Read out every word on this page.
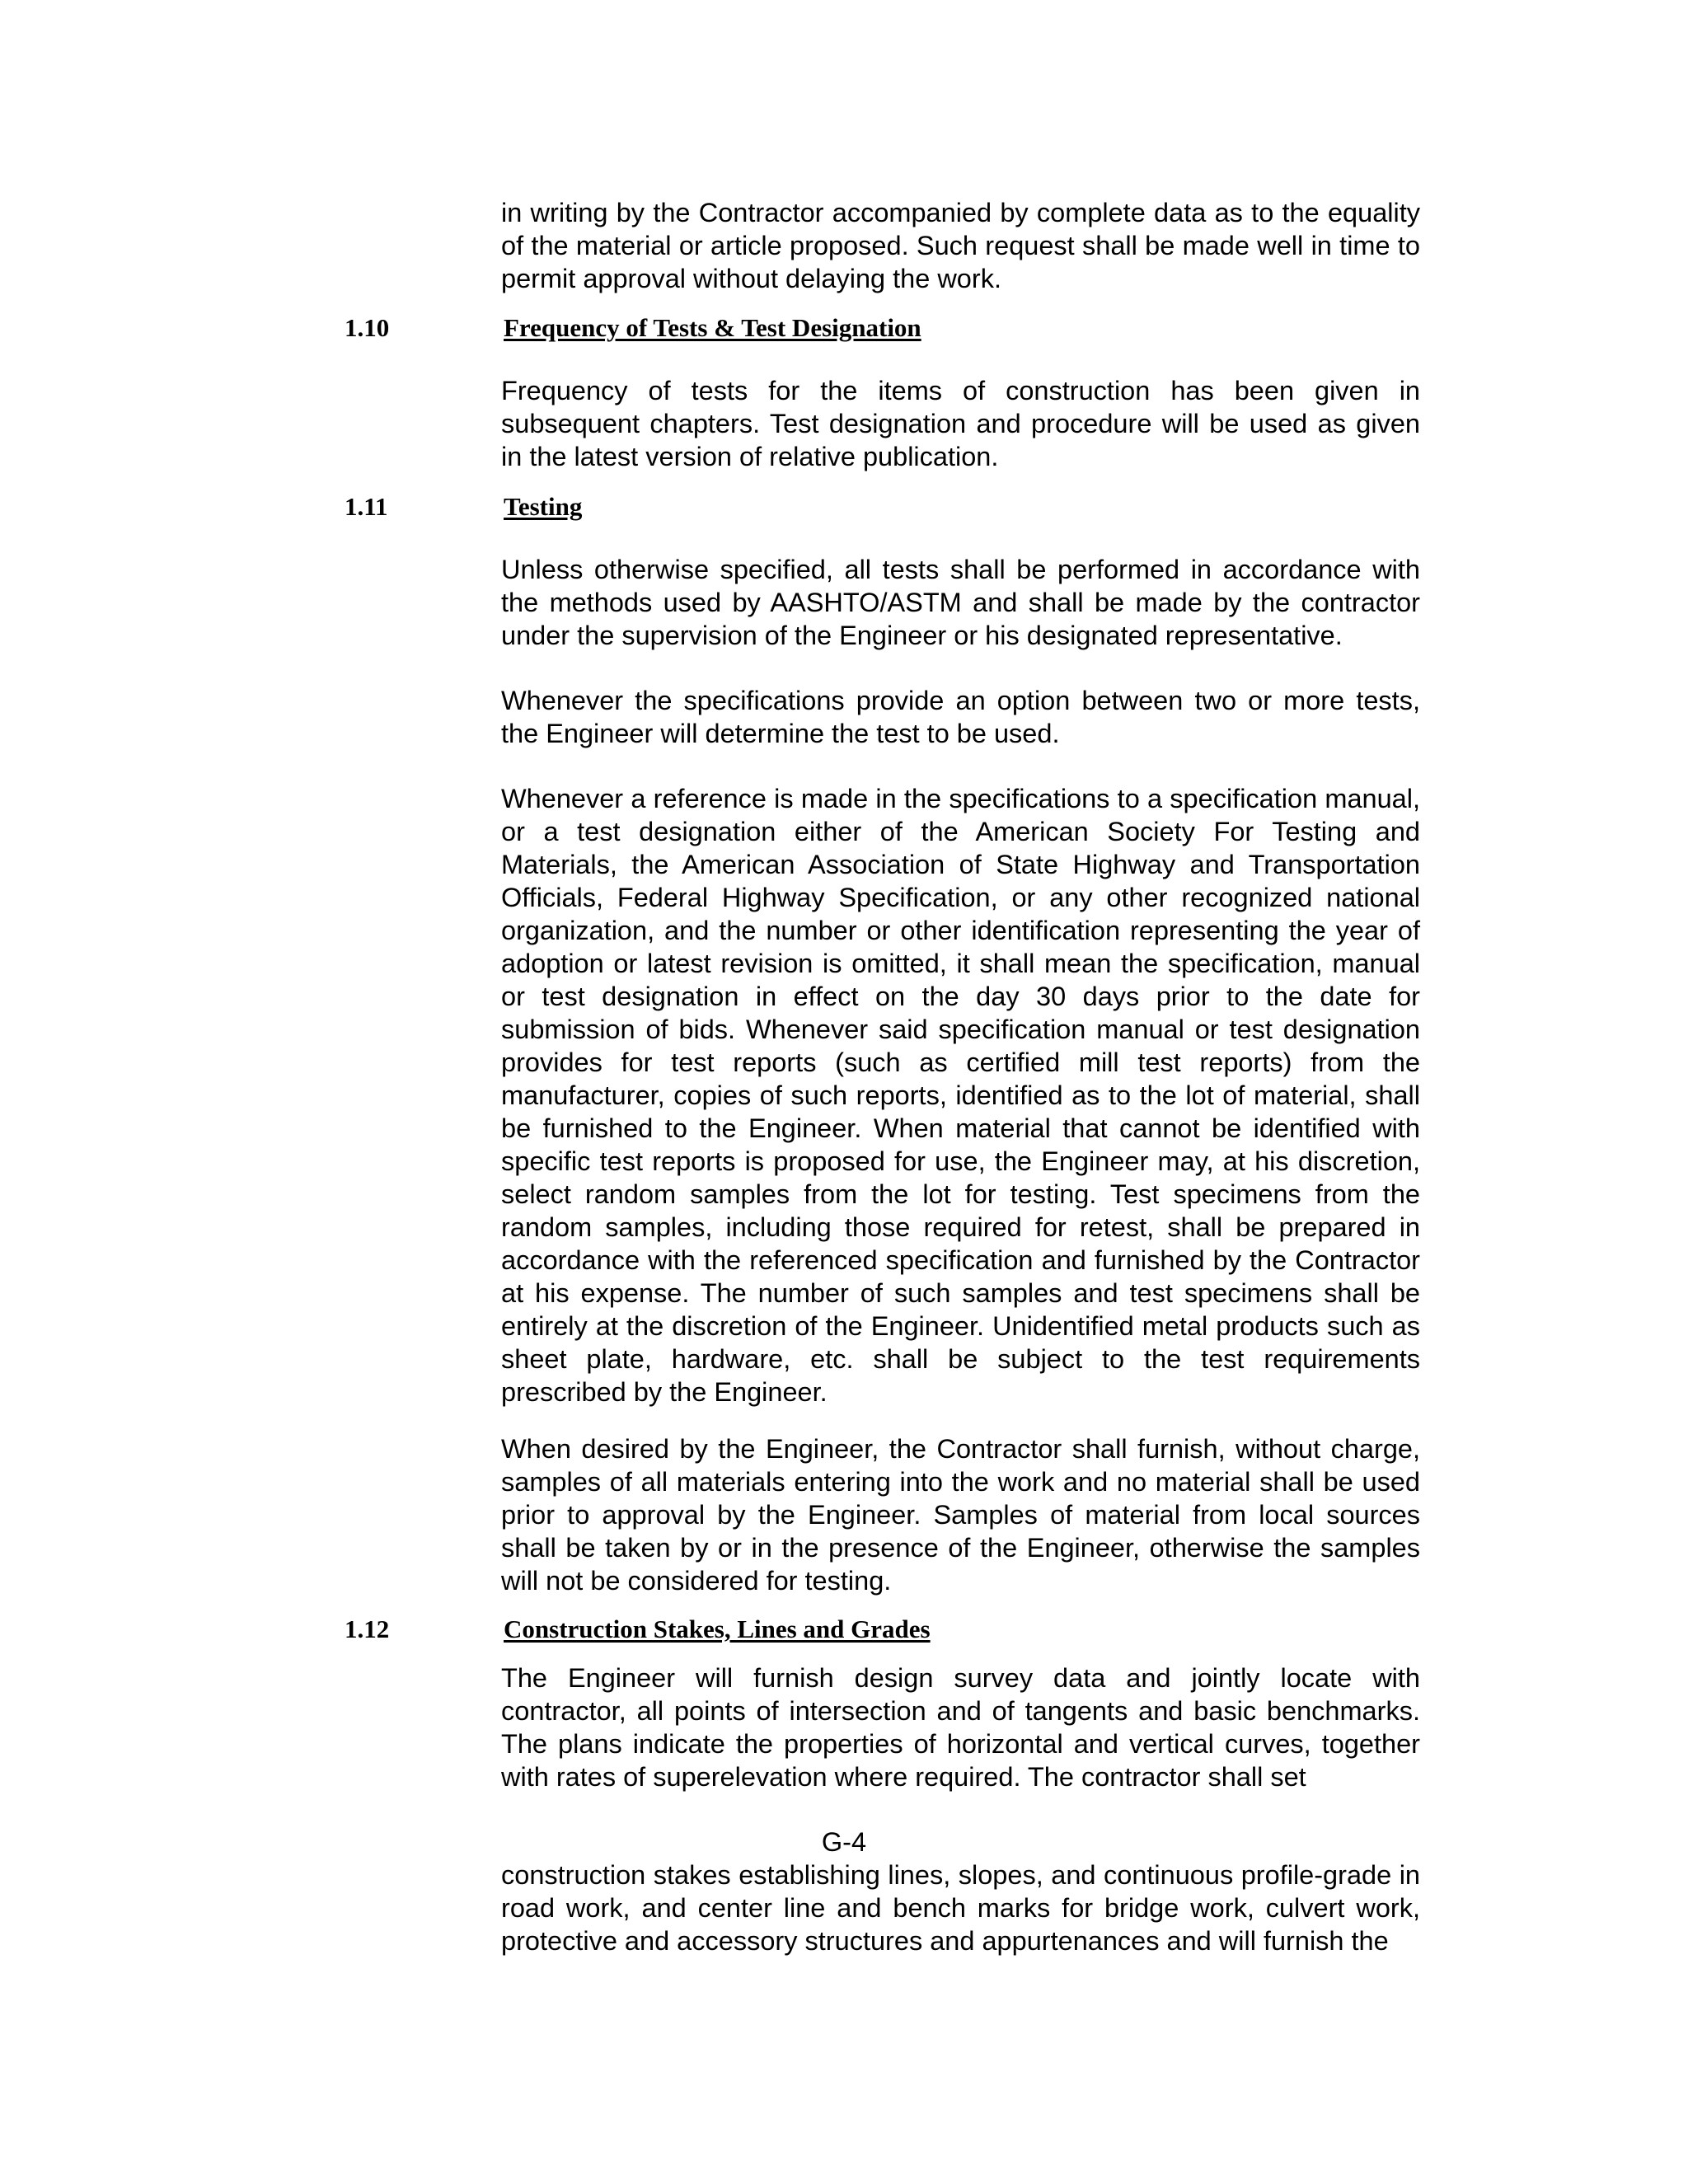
in writing by the Contractor accompanied by complete data as to the equality of the material or article proposed. Such request shall be made well in time to permit approval without delaying the work.

1.10	Frequency of Tests & Test Designation

Frequency of tests for the items of construction has been given in subsequent chapters. Test designation and procedure will be used as given in the latest version of relative publication.

1.11	Testing

Unless otherwise specified, all tests shall be performed in accordance with the methods used by AASHTO/ASTM and shall be made by the contractor under the supervision of the Engineer or his designated representative.

Whenever the specifications provide an option between two or more tests, the Engineer will determine the test to be used.

Whenever a reference is made in the specifications to a specification manual, or a test designation either of the American Society For Testing and Materials, the American Association of State Highway and Transportation Officials, Federal Highway Specification, or any other recognized national organization, and the number or other identification representing the year of adoption or latest revision is omitted, it shall mean the specification, manual or test designation in effect on the day 30 days prior to the date for submission of bids. Whenever said specification manual or test designation provides for test reports (such as certified mill test reports) from the manufacturer, copies of such reports, identified as to the lot of material, shall be furnished to the Engineer. When material that cannot be identified with specific test reports is proposed for use, the Engineer may, at his discretion, select random samples from the lot for testing. Test specimens from the random samples, including those required for retest, shall be prepared in accordance with the referenced specification and furnished by the Contractor at his expense. The number of such samples and test specimens shall be entirely at the discretion of the Engineer. Unidentified metal products such as sheet plate, hardware, etc. shall be subject to the test requirements prescribed by the Engineer.

When desired by the Engineer, the Contractor shall furnish, without charge, samples of all materials entering into the work and no material shall be used prior to approval by the Engineer. Samples of material from local sources shall be taken by or in the presence of the Engineer, otherwise the samples will not be considered for testing.

1.12	Construction Stakes, Lines and Grades

The Engineer will furnish design survey data and jointly locate with contractor, all points of intersection and of tangents and basic benchmarks. The plans indicate the properties of horizontal and vertical curves, together with rates of superelevation where required. The contractor shall set

G-4

construction stakes establishing lines, slopes, and continuous profile-grade in road work, and center line and bench marks for bridge work, culvert work, protective and accessory structures and appurtenances and will furnish the
